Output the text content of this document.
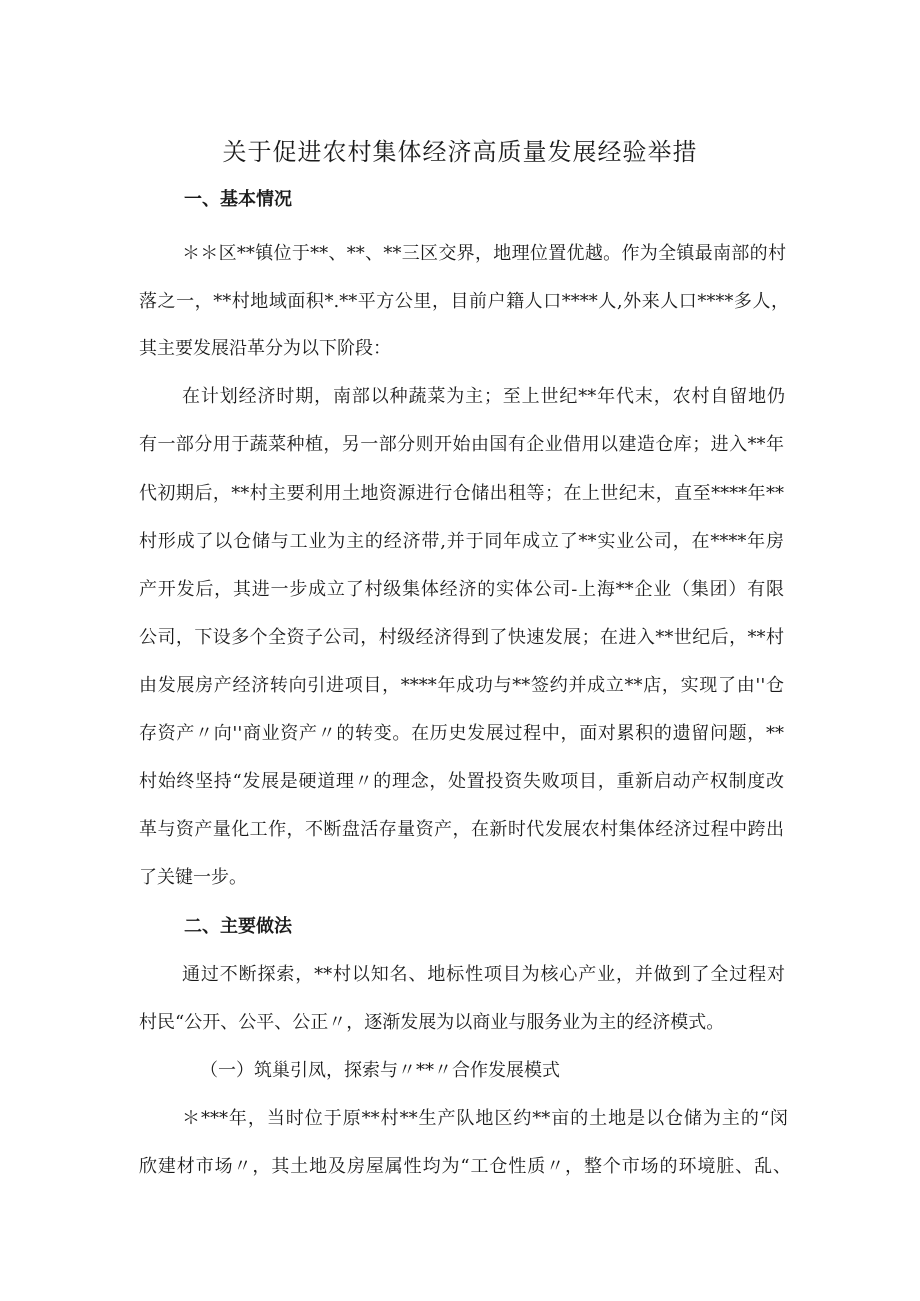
关于促进农村集体经济高质量发展经验举措
一、基本情况
＊＊区**镇位于**、**、**三区交界，地理位置优越。作为全镇最南部的村
落之一，**村地域面积*.**平方公里，目前户籍人口****人,外来人口****多人，
其主要发展沿革分为以下阶段：
在计划经济时期，南部以种蔬菜为主；至上世纪**年代末，农村自留地仍
有一部分用于蔬菜种植，另一部分则开始由国有企业借用以建造仓库；进入**年
代初期后，**村主要利用土地资源进行仓储出租等；在上世纪末，直至****年**
村形成了以仓储与工业为主的经济带,并于同年成立了**实业公司，在****年房
产开发后，其进一步成立了村级集体经济的实体公司-上海**企业（集团）有限
公司，下设多个全资子公司，村级经济得到了快速发展；在进入**世纪后，**村
由发展房产经济转向引进项目，****年成功与**签约并成立**店，实现了由''仓
存资产〃向''商业资产〃的转变。在历史发展过程中，面对累积的遗留问题，**
村始终坚持“发展是硬道理〃的理念，处置投资失败项目，重新启动产权制度改
革与资产量化工作，不断盘活存量资产，在新时代发展农村集体经济过程中跨出
了关键一步。
二、主要做法
通过不断探索，**村以知名、地标性项目为核心产业，并做到了全过程对
村民“公开、公平、公正〃，逐渐发展为以商业与服务业为主的经济模式。
（一）筑巢引凤，探索与〃**〃合作发展模式
＊***年，当时位于原**村**生产队地区约**亩的土地是以仓储为主的“闵
欣建材市场〃，其土地及房屋属性均为“工仓性质〃，整个市场的环境脏、乱、
